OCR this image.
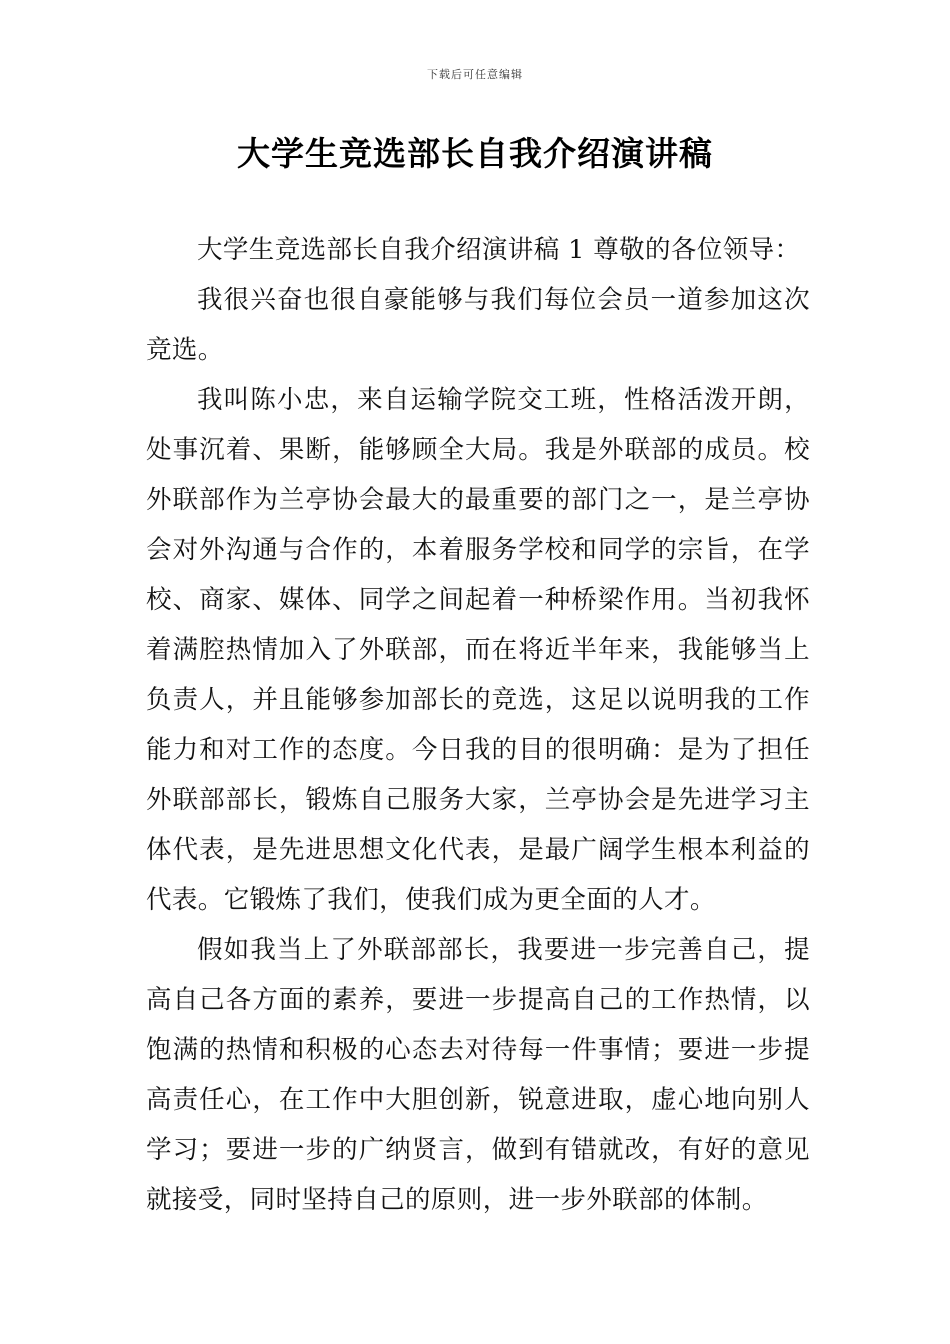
下载后可任意编辑
大学生竞选部长自我介绍演讲稿

大学生竞选部长自我介绍演讲稿 1 尊敬的各位领导：

我很兴奋也很自豪能够与我们每位会员一道参加这次竞选。

我叫陈小忠，来自运输学院交工班，性格活泼开朗，处事沉着、果断，能够顾全大局。我是外联部的成员。校外联部作为兰亭协会最大的最重要的部门之一，是兰亭协会对外沟通与合作的，本着服务学校和同学的宗旨，在学校、商家、媒体、同学之间起着一种桥梁作用。当初我怀着满腔热情加入了外联部，而在将近半年来，我能够当上负责人，并且能够参加部长的竞选，这足以说明我的工作能力和对工作的态度。今日我的目的很明确：是为了担任外联部部长，锻炼自己服务大家，兰亭协会是先进学习主体代表，是先进思想文化代表，是最广阔学生根本利益的代表。它锻炼了我们，使我们成为更全面的人才。

假如我当上了外联部部长，我要进一步完善自己，提高自己各方面的素养，要进一步提高自己的工作热情，以饱满的热情和积极的心态去对待每一件事情；要进一步提高责任心，在工作中大胆创新，锐意进取，虚心地向别人学习；要进一步的广纳贤言，做到有错就改，有好的意见就接受，同时坚持自己的原则，进一步外联部的体制。
